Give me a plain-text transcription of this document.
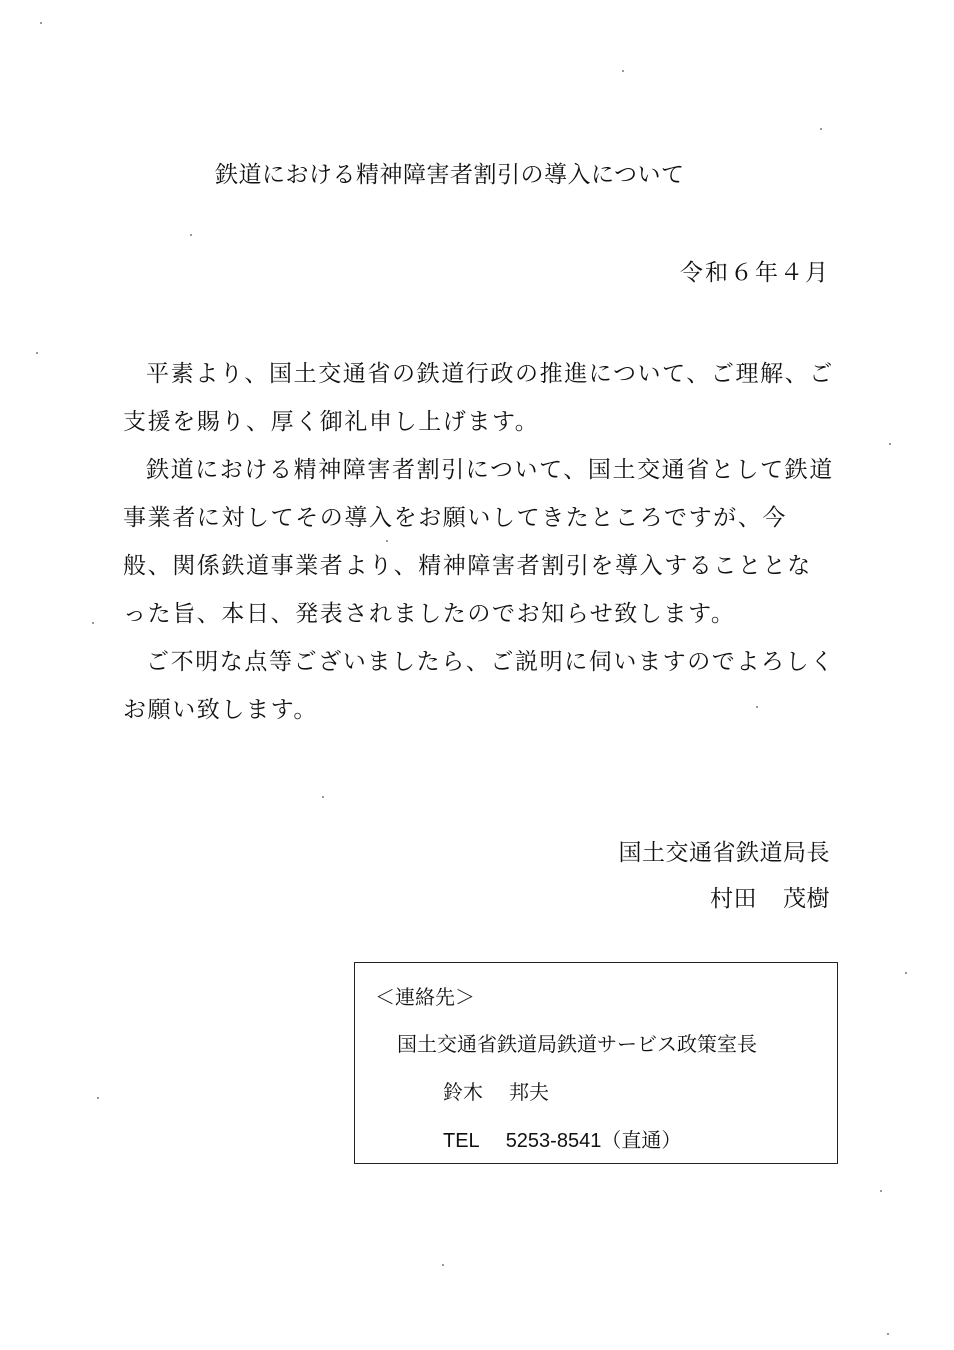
鉄道における精神障害者割引の導入について
令和６年４月

平素より、国土交通省の鉄道行政の推進について、ご理解、ご支援を賜り、厚く御礼申し上げます。

鉄道における精神障害者割引について、国土交通省として鉄道事業者に対してその導入をお願いしてきたところですが、今般、関係鉄道事業者より、精神障害者割引を導入することとなった旨、本日、発表されましたのでお知らせ致します。

ご不明な点等ございましたら、ご説明に伺いますのでよろしくお願い致します。

国土交通省鉄道局長
村田 茂樹
＜連絡先＞
国土交通省鉄道局鉄道サービス政策室長
鈴木 邦夫
TEL 5253-8541（直通）
